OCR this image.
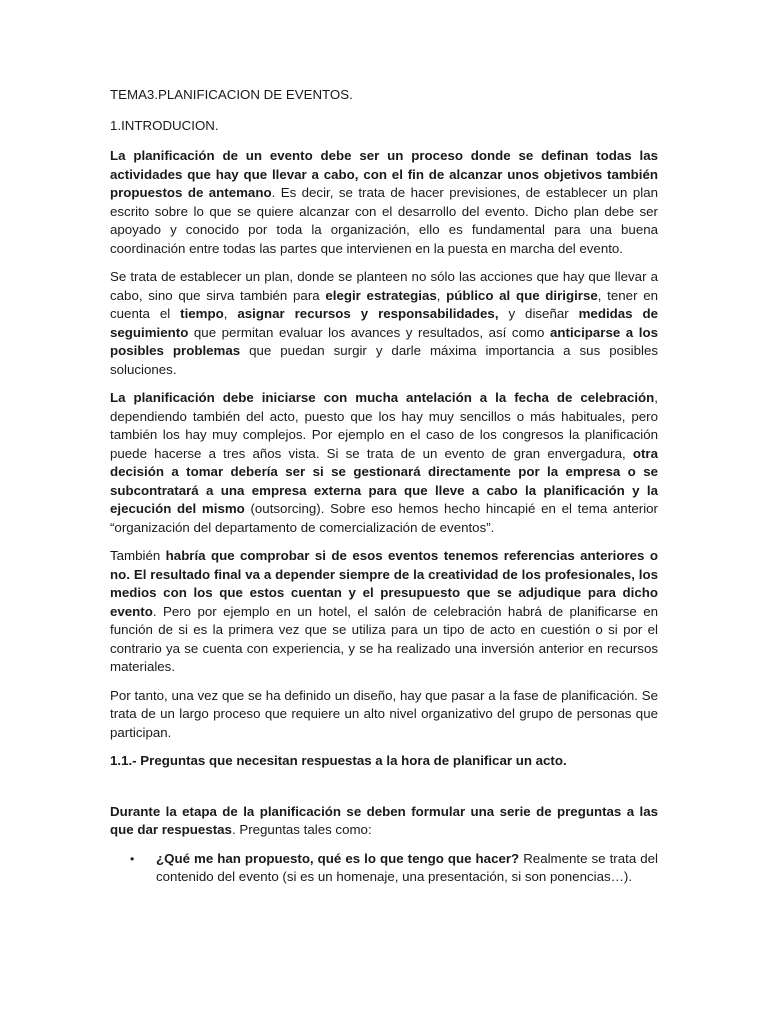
TEMA3.PLANIFICACION DE EVENTOS.

1.INTRODUCION.

La planificación de un evento debe ser un proceso donde se definan todas las actividades que hay que llevar a cabo, con el fin de alcanzar unos objetivos también propuestos de antemano. Es decir, se trata de hacer previsiones, de establecer un plan escrito sobre lo que se quiere alcanzar con el desarrollo del evento. Dicho plan debe ser apoyado y conocido por toda la organización, ello es fundamental para una buena coordinación entre todas las partes que intervienen en la puesta en marcha del evento.

Se trata de establecer un plan, donde se planteen no sólo las acciones que hay que llevar a cabo, sino que sirva también para elegir estrategias, público al que dirigirse, tener en cuenta el tiempo, asignar recursos y responsabilidades, y diseñar medidas de seguimiento que permitan evaluar los avances y resultados, así como anticiparse a los posibles problemas que puedan surgir y darle máxima importancia a sus posibles soluciones.

La planificación debe iniciarse con mucha antelación a la fecha de celebración, dependiendo también del acto, puesto que los hay muy sencillos o más habituales, pero también los hay muy complejos. Por ejemplo en el caso de los congresos la planificación puede hacerse a tres años vista. Si se trata de un evento de gran envergadura, otra decisión a tomar debería ser si se gestionará directamente por la empresa o se subcontratará a una empresa externa para que lleve a cabo la planificación y la ejecución del mismo (outsorcing). Sobre eso hemos hecho hincapié en el tema anterior “organización del departamento de comercialización de eventos”.

También habría que comprobar si de esos eventos tenemos referencias anteriores o no. El resultado final va a depender siempre de la creatividad de los profesionales, los medios con los que estos cuentan y el presupuesto que se adjudique para dicho evento. Pero por ejemplo en un hotel, el salón de celebración habrá de planificarse en función de si es la primera vez que se utiliza para un tipo de acto en cuestión o si por el contrario ya se cuenta con experiencia, y se ha realizado una inversión anterior en recursos materiales.

Por tanto, una vez que se ha definido un diseño, hay que pasar a la fase de planificación. Se trata de un largo proceso que requiere un alto nivel organizativo del grupo de personas que participan.

1.1.- Preguntas que necesitan respuestas a la hora de planificar un acto.

Durante la etapa de la planificación se deben formular una serie de preguntas a las que dar respuestas. Preguntas tales como:

• ¿Qué me han propuesto, qué es lo que tengo que hacer? Realmente se trata del contenido del evento (si es un homenaje, una presentación, si son ponencias…).
